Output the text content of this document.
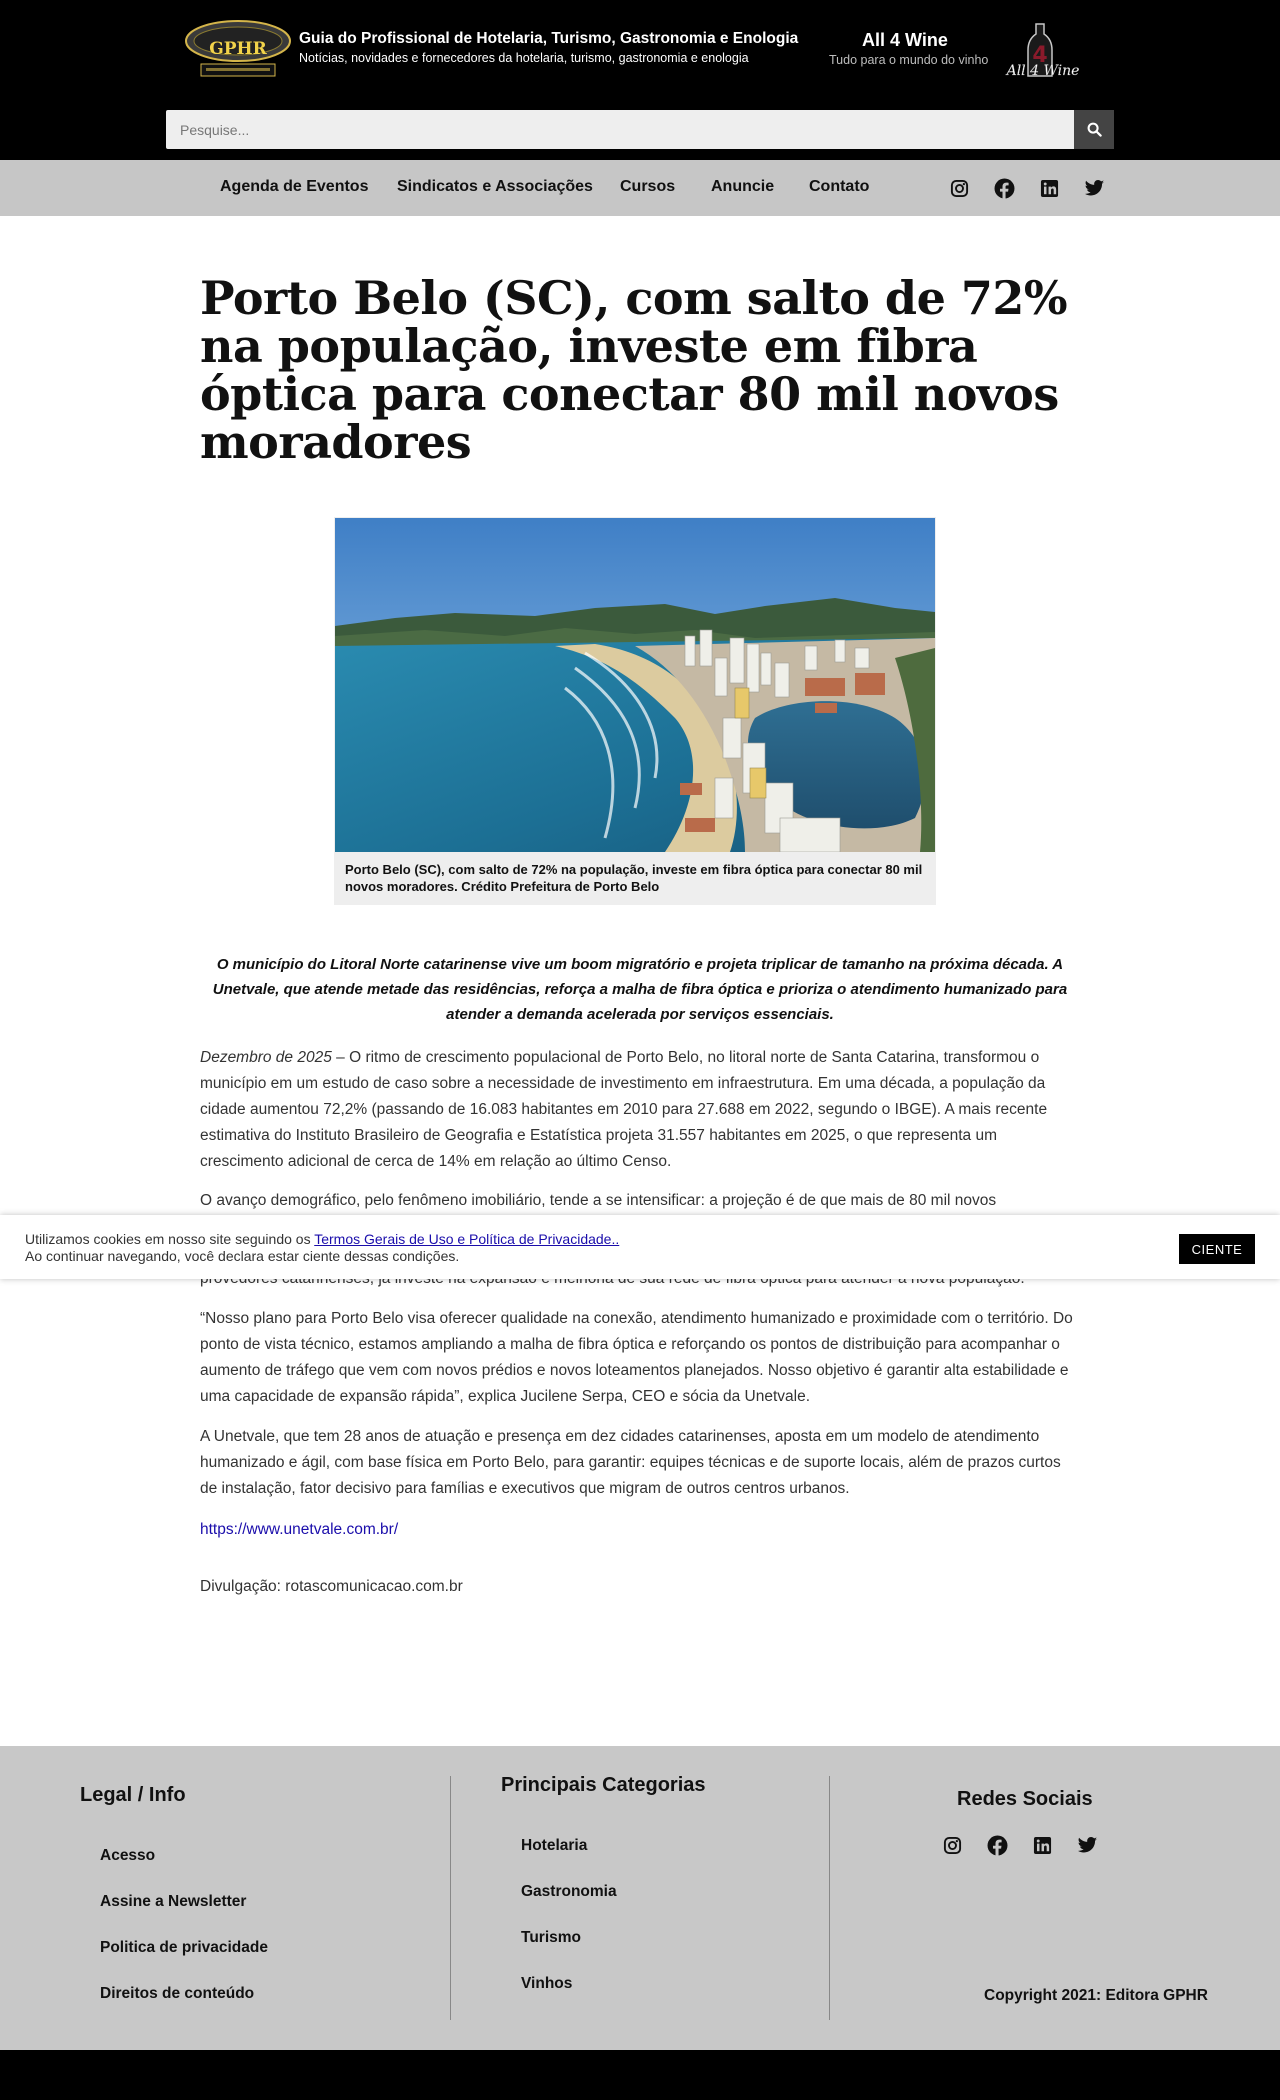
GPHR
Guia do Profissional de Hotelaria, Turismo, Gastronomia e Enologia
Notícias, novidades e fornecedores da hotelaria, turismo, gastronomia e enologia
All 4 Wine
Tudo para o mundo do vinho 4
All 4 Wine
Pesquise...
Agenda de Eventos Sindicatos e Associações Cursos Anuncie Contato
Porto Belo (SC), com salto de 72% na população, investe em fibra óptica para conectar 80 mil novos moradores
Porto Belo (SC), com salto de 72% na população, investe em fibra óptica para conectar 80 mil novos moradores. Crédito Prefeitura de Porto Belo

O município do Litoral Norte catarinense vive um boom migratório e projeta triplicar de tamanho na próxima década. A Unetvale, que atende metade das residências, reforça a malha de fibra óptica e prioriza o atendimento humanizado para atender a demanda acelerada por serviços essenciais.

Dezembro de 2025 – O ritmo de crescimento populacional de Porto Belo, no litoral norte de Santa Catarina, transformou o município em um estudo de caso sobre a necessidade de investimento em infraestrutura. Em uma década, a população da cidade aumentou 72,2% (passando de 16.083 habitantes em 2010 para 27.688 em 2022, segundo o IBGE). A mais recente estimativa do Instituto Brasileiro de Geografia e Estatística projeta 31.557 habitantes em 2025, o que representa um crescimento adicional de cerca de 14% em relação ao último Censo.

O avanço demográfico, pelo fenômeno imobiliário, tende a se intensificar: a projeção é de que mais de 80 mil novos

“Nosso plano para Porto Belo visa oferecer qualidade na conexão, atendimento humanizado e proximidade com o território. Do ponto de vista técnico, estamos ampliando a malha de fibra óptica e reforçando os pontos de distribuição para acompanhar o aumento de tráfego que vem com novos prédios e novos loteamentos planejados. Nosso objetivo é garantir alta estabilidade e uma capacidade de expansão rápida”, explica Jucilene Serpa, CEO e sócia da Unetvale.

A Unetvale, que tem 28 anos de atuação e presença em dez cidades catarinenses, aposta em um modelo de atendimento humanizado e ágil, com base física em Porto Belo, para garantir: equipes técnicas e de suporte locais, além de prazos curtos de instalação, fator decisivo para famílias e executivos que migram de outros centros urbanos.

https://www.unetvale.com.br/

Divulgação: rotascomunicacao.com.br

Utilizamos cookies em nosso site seguindo os Termos Gerais de Uso e Política de Privacidade..
Ao continuar navegando, você declara estar ciente dessas condições.	CIENTE
Legal / Info
Acesso
Assine a Newsletter
Politica de privacidade
Direitos de conteúdo
Principais Categorias
Hotelaria
Gastronomia
Turismo
Vinhos
Redes Sociais
Copyright 2021: Editora GPHR
